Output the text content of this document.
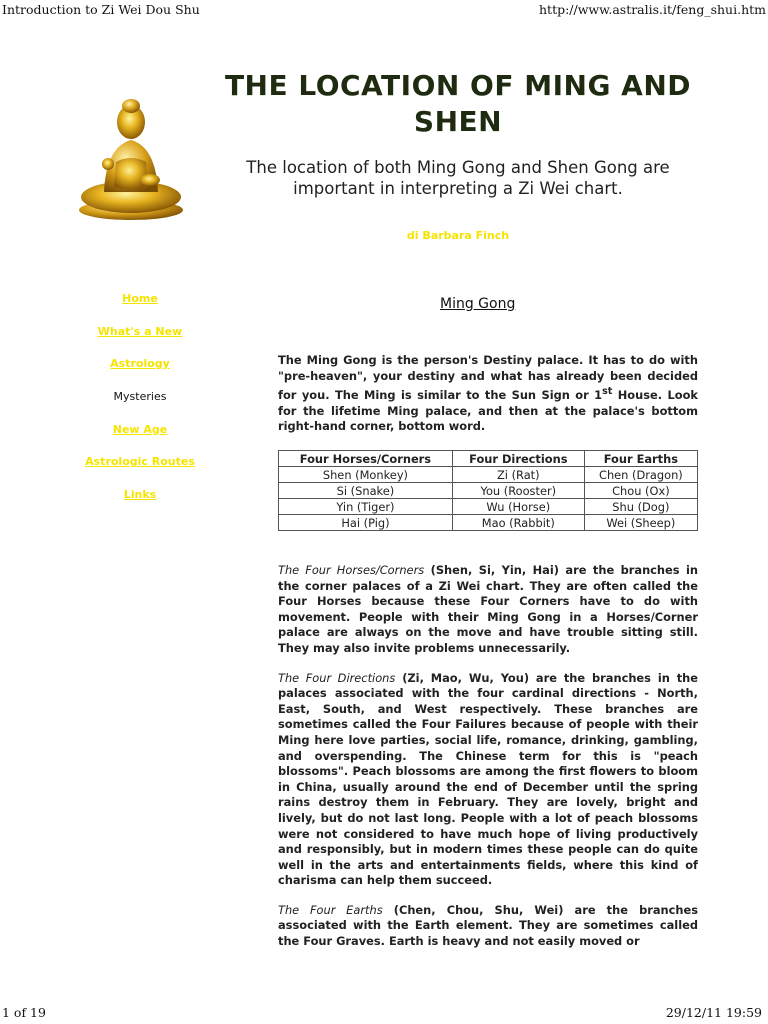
Introduction to Zi Wei Dou Shu	http://www.astralis.it/feng_shui.htm
THE LOCATION OF MING AND SHEN
The location of both Ming Gong and Shen Gong are important in interpreting a Zi Wei chart.
di Barbara Finch
Home
What's a New
Astrology
Mysteries
New Age
Astrologic Routes
Links
Ming Gong

The Ming Gong is the person's Destiny palace. It has to do with "pre-heaven", your destiny and what has already been decided for you. The Ming is similar to the Sun Sign or 1st House. Look for the lifetime Ming palace, and then at the palace's bottom right-hand corner, bottom word.

Four Horses/Corners	Four Directions	Four Earths
Shen (Monkey)	Zi (Rat)	Chen (Dragon)
Si (Snake)	You (Rooster)	Chou (Ox)
Yin (Tiger)	Wu (Horse)	Shu (Dog)
Hai (Pig)	Mao (Rabbit)	Wei (Sheep)

The Four Horses/Corners (Shen, Si, Yin, Hai) are the branches in the corner palaces of a Zi Wei chart. They are often called the Four Horses because these Four Corners have to do with movement. People with their Ming Gong in a Horses/Corner palace are always on the move and have trouble sitting still. They may also invite problems unnecessarily.

The Four Directions (Zi, Mao, Wu, You) are the branches in the palaces associated with the four cardinal directions - North, East, South, and West respectively. These branches are sometimes called the Four Failures because of people with their Ming here love parties, social life, romance, drinking, gambling, and overspending. The Chinese term for this is "peach blossoms". Peach blossoms are among the first flowers to bloom in China, usually around the end of December until the spring rains destroy them in February. They are lovely, bright and lively, but do not last long. People with a lot of peach blossoms were not considered to have much hope of living productively and responsibly, but in modern times these people can do quite well in the arts and entertainments fields, where this kind of charisma can help them succeed.

The Four Earths (Chen, Chou, Shu, Wei) are the branches associated with the Earth element. They are sometimes called the Four Graves. Earth is heavy and not easily moved or

1 of 19	29/12/11 19:59
